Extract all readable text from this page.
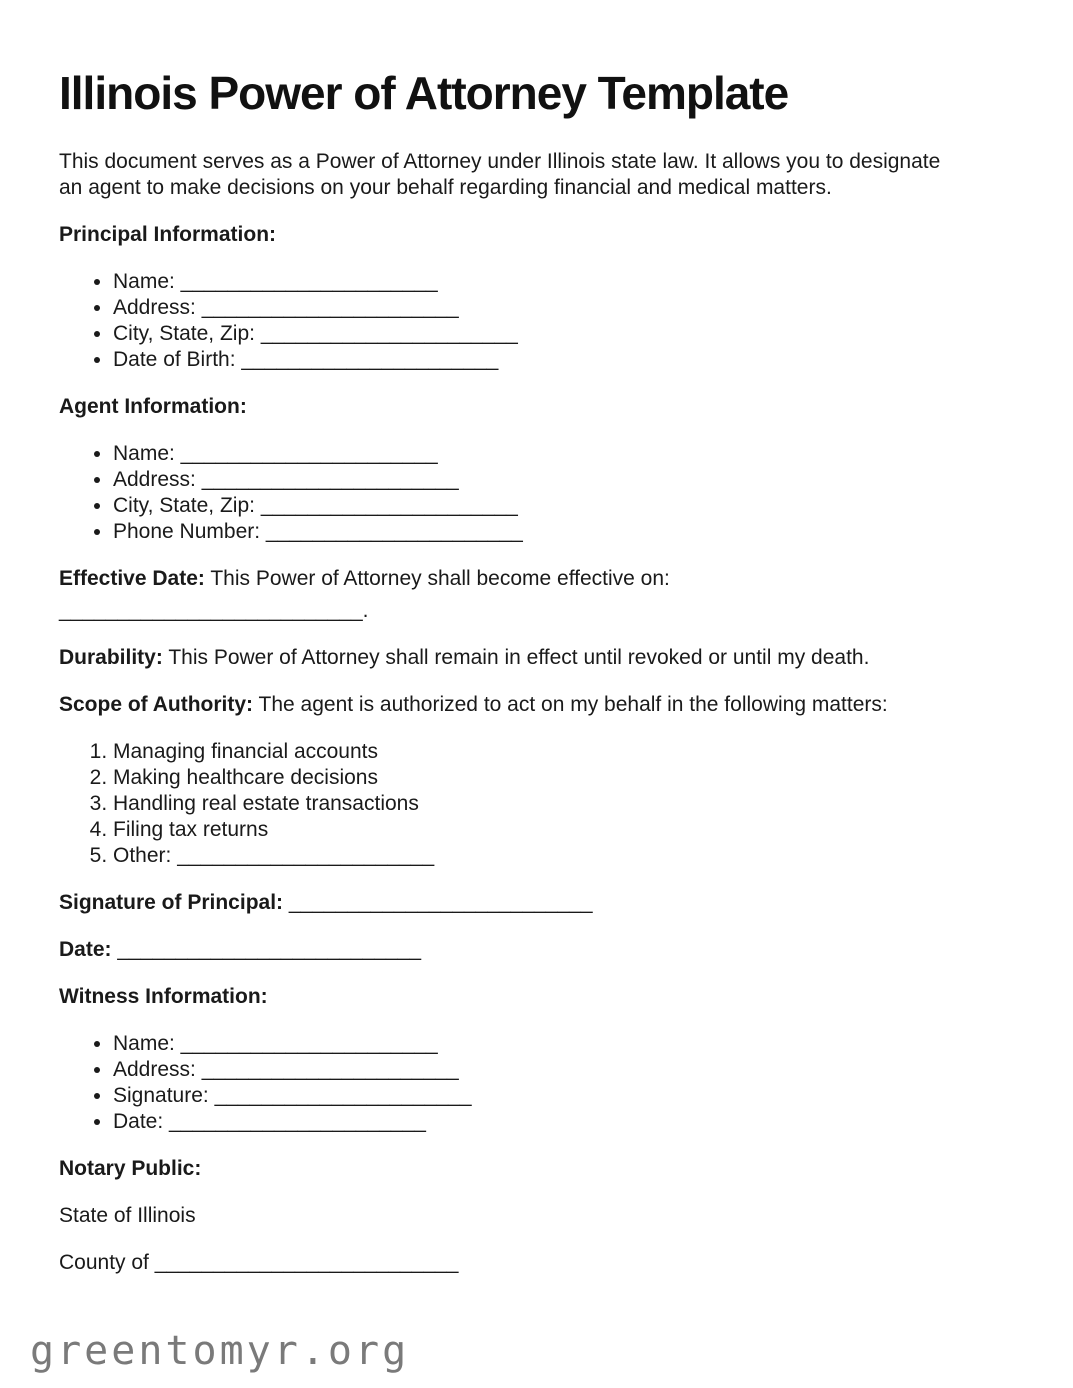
Illinois Power of Attorney Template

This document serves as a Power of Attorney under Illinois state law. It allows you to designate an agent to make decisions on your behalf regarding financial and medical matters.

Principal Information:

• Name: ______________________
• Address: ______________________
• City, State, Zip: ______________________
• Date of Birth: ______________________

Agent Information:

• Name: ______________________
• Address: ______________________
• City, State, Zip: ______________________
• Phone Number: ______________________

Effective Date: This Power of Attorney shall become effective on:
__________________________.

Durability: This Power of Attorney shall remain in effect until revoked or until my death.

Scope of Authority: The agent is authorized to act on my behalf in the following matters:

1. Managing financial accounts
2. Making healthcare decisions
3. Handling real estate transactions
4. Filing tax returns
5. Other: ______________________

Signature of Principal: __________________________

Date: __________________________

Witness Information:

• Name: ______________________
• Address: ______________________
• Signature: ______________________
• Date: ______________________

Notary Public:

State of Illinois

County of __________________________

greentomyr.org
